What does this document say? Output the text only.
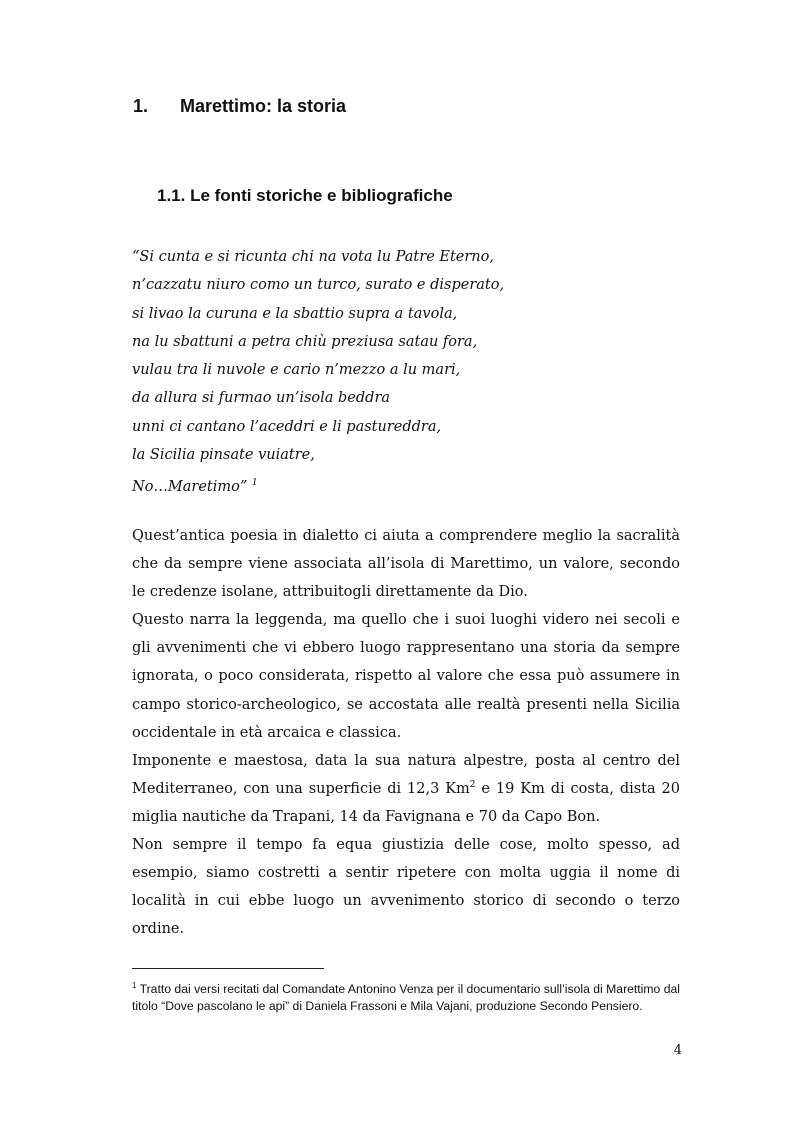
1. Marettimo: la storia
1.1. Le fonti storiche e bibliografiche
“Si cunta e si ricunta chi na vota lu Patre Eterno,
n’cazzatu niuro como un turco, surato e disperato,
si livao la curuna e la sbattio supra a tavola,
na lu sbattuni a petra chiù preziusa satau fora,
vulau tra li nuvole e cario n’mezzo a lu mari,
da allura si furmao un’isola beddra
unni ci cantano l’aceddri e li pastureddra,
la Sicilia pinsate vuiatre,
No…Maretimo” $^1$

Quest’antica poesia in dialetto ci aiuta a comprendere meglio la sacralità che da sempre viene associata all’isola di Marettimo, un valore, secondo le credenze isolane, attribuitogli direttamente da Dio.

Questo narra la leggenda, ma quello che i suoi luoghi videro nei secoli e gli avvenimenti che vi ebbero luogo rappresentano una storia da sempre ignorata, o poco considerata, rispetto al valore che essa può assumere in campo storico-archeologico, se accostata alle realtà presenti nella Sicilia occidentale in età arcaica e classica.

Imponente e maestosa, data la sua natura alpestre, posta al centro del Mediterraneo, con una superficie di 12,3 Km$^2$ e 19 Km di costa, dista 20 miglia nautiche da Trapani, 14 da Favignana e 70 da Capo Bon.

Non sempre il tempo fa equa giustizia delle cose, molto spesso, ad esempio, siamo costretti a sentir ripetere con molta uggia il nome di località in cui ebbe luogo un avvenimento storico di secondo o terzo ordine.

$^1$ Tratto dai versi recitati dal Comandate Antonino Venza per il documentario sull’isola di Marettimo dal titolo “Dove pascolano le api” di Daniela Frassoni e Mila Vajani, produzione Secondo Pensiero.
4
